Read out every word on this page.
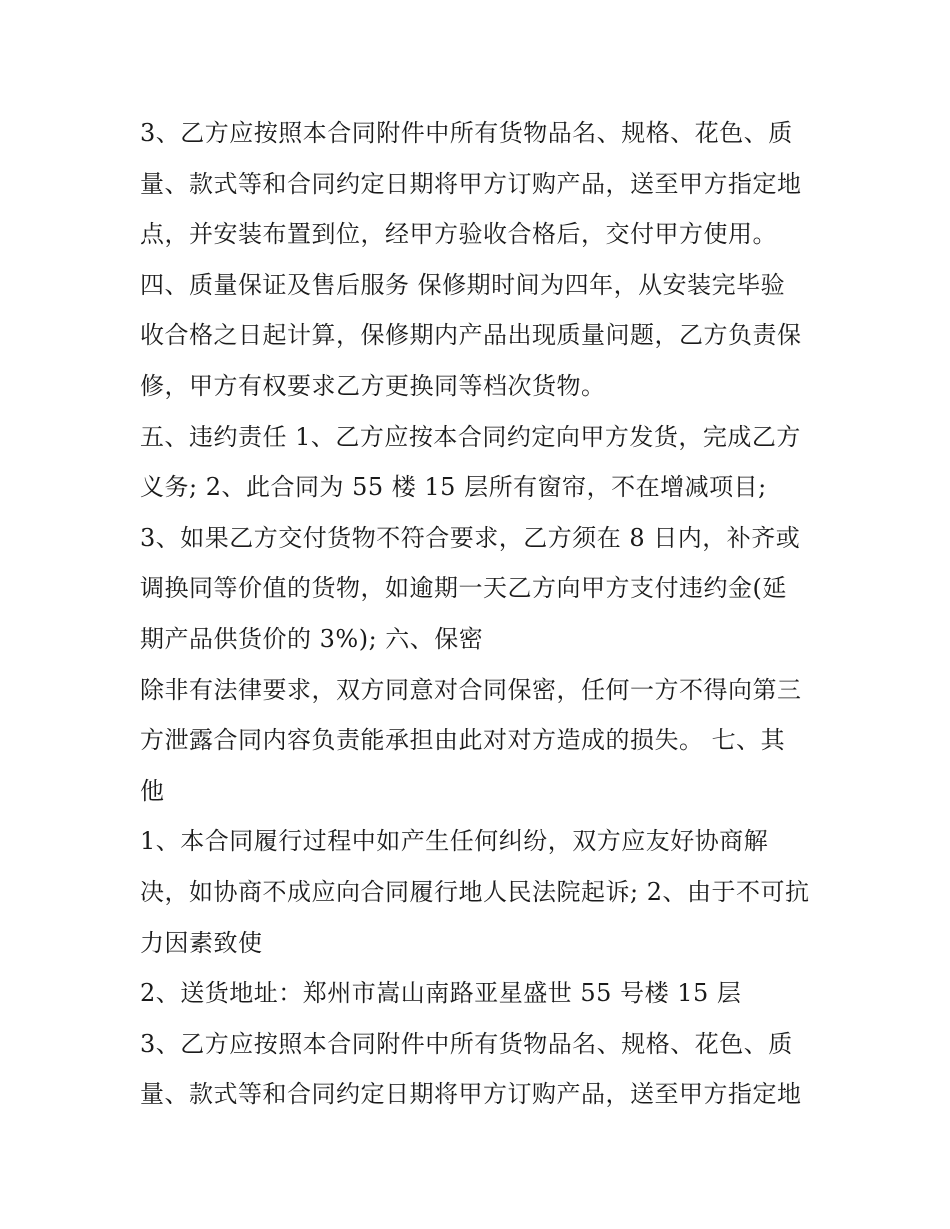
3、乙方应按照本合同附件中所有货物品名、规格、花色、质
量、款式等和合同约定日期将甲方订购产品，送至甲方指定地
点，并安装布置到位，经甲方验收合格后，交付甲方使用。
四、质量保证及售后服务 保修期时间为四年，从安装完毕验
收合格之日起计算，保修期内产品出现质量问题，乙方负责保
修，甲方有权要求乙方更换同等档次货物。
五、违约责任 1、乙方应按本合同约定向甲方发货，完成乙方
义务; 2、此合同为 55 楼 15 层所有窗帘，不在增减项目;
3、如果乙方交付货物不符合要求，乙方须在 8 日内，补齐或
调换同等价值的货物，如逾期一天乙方向甲方支付违约金(延
期产品供货价的 3%); 六、保密
除非有法律要求，双方同意对合同保密，任何一方不得向第三
方泄露合同内容负责能承担由此对对方造成的损失。 七、其
他
1、本合同履行过程中如产生任何纠纷，双方应友好协商解
决，如协商不成应向合同履行地人民法院起诉; 2、由于不可抗
力因素致使
2、送货地址：郑州市嵩山南路亚星盛世 55 号楼 15 层
3、乙方应按照本合同附件中所有货物品名、规格、花色、质
量、款式等和合同约定日期将甲方订购产品，送至甲方指定地
